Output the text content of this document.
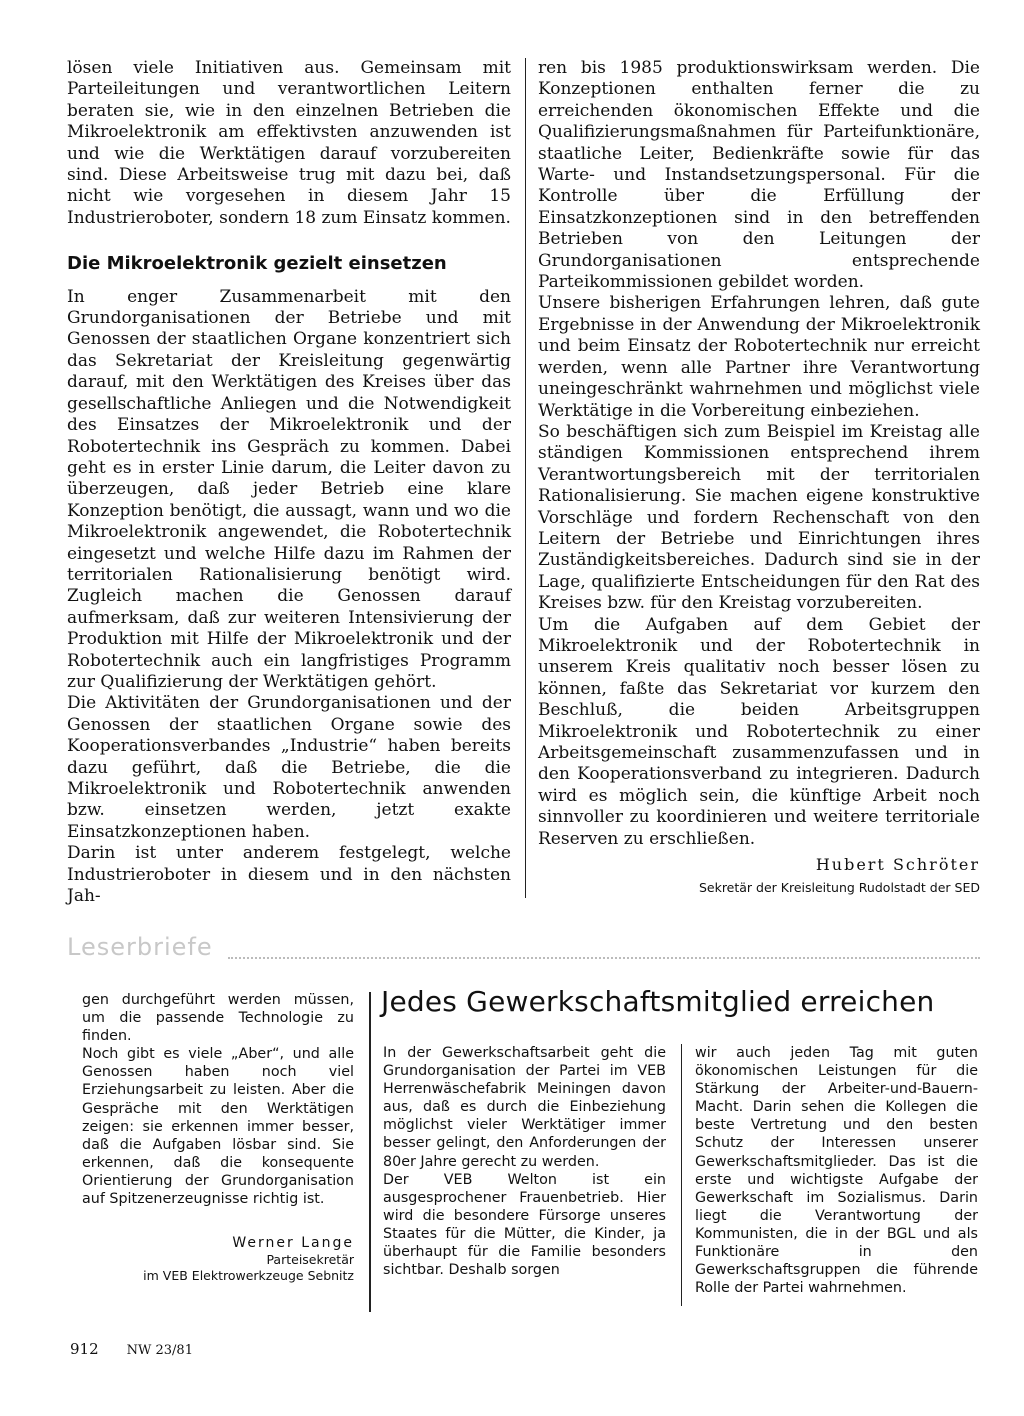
lösen viele Initiativen aus. Gemeinsam mit Parteileitungen und verantwortlichen Leitern beraten sie, wie in den einzelnen Betrieben die Mikroelektronik am effektivsten anzuwenden ist und wie die Werktätigen darauf vorzubereiten sind. Diese Arbeitsweise trug mit dazu bei, daß nicht wie vorgesehen in diesem Jahr 15 Industrieroboter, sondern 18 zum Einsatz kommen.

Die Mikroelektronik gezielt einsetzen

In enger Zusammenarbeit mit den Grundorganisationen der Betriebe und mit Genossen der staatlichen Organe konzentriert sich das Sekretariat der Kreisleitung gegenwärtig darauf, mit den Werktätigen des Kreises über das gesellschaftliche Anliegen und die Notwendigkeit des Einsatzes der Mikroelektronik und der Robotertechnik ins Gespräch zu kommen. Dabei geht es in erster Linie darum, die Leiter davon zu überzeugen, daß jeder Betrieb eine klare Konzeption benötigt, die aussagt, wann und wo die Mikroelektronik angewendet, die Robotertechnik eingesetzt und welche Hilfe dazu im Rahmen der territorialen Rationalisierung benötigt wird. Zugleich machen die Genossen darauf aufmerksam, daß zur weiteren Intensivierung der Produktion mit Hilfe der Mikroelektronik und der Robotertechnik auch ein langfristiges Programm zur Qualifizierung der Werktätigen gehört.

Die Aktivitäten der Grundorganisationen und der Genossen der staatlichen Organe sowie des Kooperationsverbandes „Industrie“ haben bereits dazu geführt, daß die Betriebe, die die Mikroelektronik und Robotertechnik anwenden bzw. einsetzen werden, jetzt exakte Einsatzkonzeptionen haben.

Darin ist unter anderem festgelegt, welche Industrieroboter in diesem und in den nächsten Jah-

ren bis 1985 produktionswirksam werden. Die Konzeptionen enthalten ferner die zu erreichenden ökonomischen Effekte und die Qualifizierungsmaßnahmen für Parteifunktionäre, staatliche Leiter, Bedienkräfte sowie für das Warte- und Instandsetzungspersonal. Für die Kontrolle über die Erfüllung der Einsatzkonzeptionen sind in den betreffenden Betrieben von den Leitungen der Grundorganisationen entsprechende Parteikommissionen gebildet worden.

Unsere bisherigen Erfahrungen lehren, daß gute Ergebnisse in der Anwendung der Mikroelektronik und beim Einsatz der Robotertechnik nur erreicht werden, wenn alle Partner ihre Verantwortung uneingeschränkt wahrnehmen und möglichst viele Werktätige in die Vorbereitung einbeziehen.

So beschäftigen sich zum Beispiel im Kreistag alle ständigen Kommissionen entsprechend ihrem Verantwortungsbereich mit der territorialen Rationalisierung. Sie machen eigene konstruktive Vorschläge und fordern Rechenschaft von den Leitern der Betriebe und Einrichtungen ihres Zuständigkeitsbereiches. Dadurch sind sie in der Lage, qualifizierte Entscheidungen für den Rat des Kreises bzw. für den Kreistag vorzubereiten.

Um die Aufgaben auf dem Gebiet der Mikroelektronik und der Robotertechnik in unserem Kreis qualitativ noch besser lösen zu können, faßte das Sekretariat vor kurzem den Beschluß, die beiden Arbeitsgruppen Mikroelektronik und Robotertechnik zu einer Arbeitsgemeinschaft zusammenzufassen und in den Kooperationsverband zu integrieren. Dadurch wird es möglich sein, die künftige Arbeit noch sinnvoller zu koordinieren und weitere territoriale Reserven zu erschließen.

Hubert Schröter
Sekretär der Kreisleitung Rudolstadt der SED
Leserbriefe

gen durchgeführt werden müssen, um die passende Technologie zu finden.

Noch gibt es viele „Aber“, und alle Genossen haben noch viel Erziehungsarbeit zu leisten. Aber die Gespräche mit den Werktätigen zeigen: sie erkennen immer besser, daß die Aufgaben lösbar sind. Sie erkennen, daß die konsequente Orientierung der Grundorganisation auf Spitzenerzeugnisse richtig ist.

Werner Lange
Parteisekretär
im VEB Elektrowerkzeuge Sebnitz
Jedes Gewerkschaftsmitglied erreichen

In der Gewerkschaftsarbeit geht die Grundorganisation der Partei im VEB Herrenwäschefabrik Meiningen davon aus, daß es durch die Einbeziehung möglichst vieler Werktätiger immer besser gelingt, den Anforderungen der 80er Jahre gerecht zu werden.

Der VEB Welton ist ein ausgesprochener Frauenbetrieb. Hier wird die besondere Fürsorge unseres Staates für die Mütter, die Kinder, ja überhaupt für die Familie besonders sichtbar. Deshalb sorgen

wir auch jeden Tag mit guten ökonomischen Leistungen für die Stärkung der Arbeiter-und-Bauern-Macht. Darin sehen die Kollegen die beste Vertretung und den besten Schutz der Interessen unserer Gewerkschaftsmitglieder. Das ist die erste und wichtigste Aufgabe der Gewerkschaft im Sozialismus. Darin liegt die Verantwortung der Kommunisten, die in der BGL und als Funktionäre in den Gewerkschaftsgruppen die führende Rolle der Partei wahrnehmen.

912 NW 23/81
